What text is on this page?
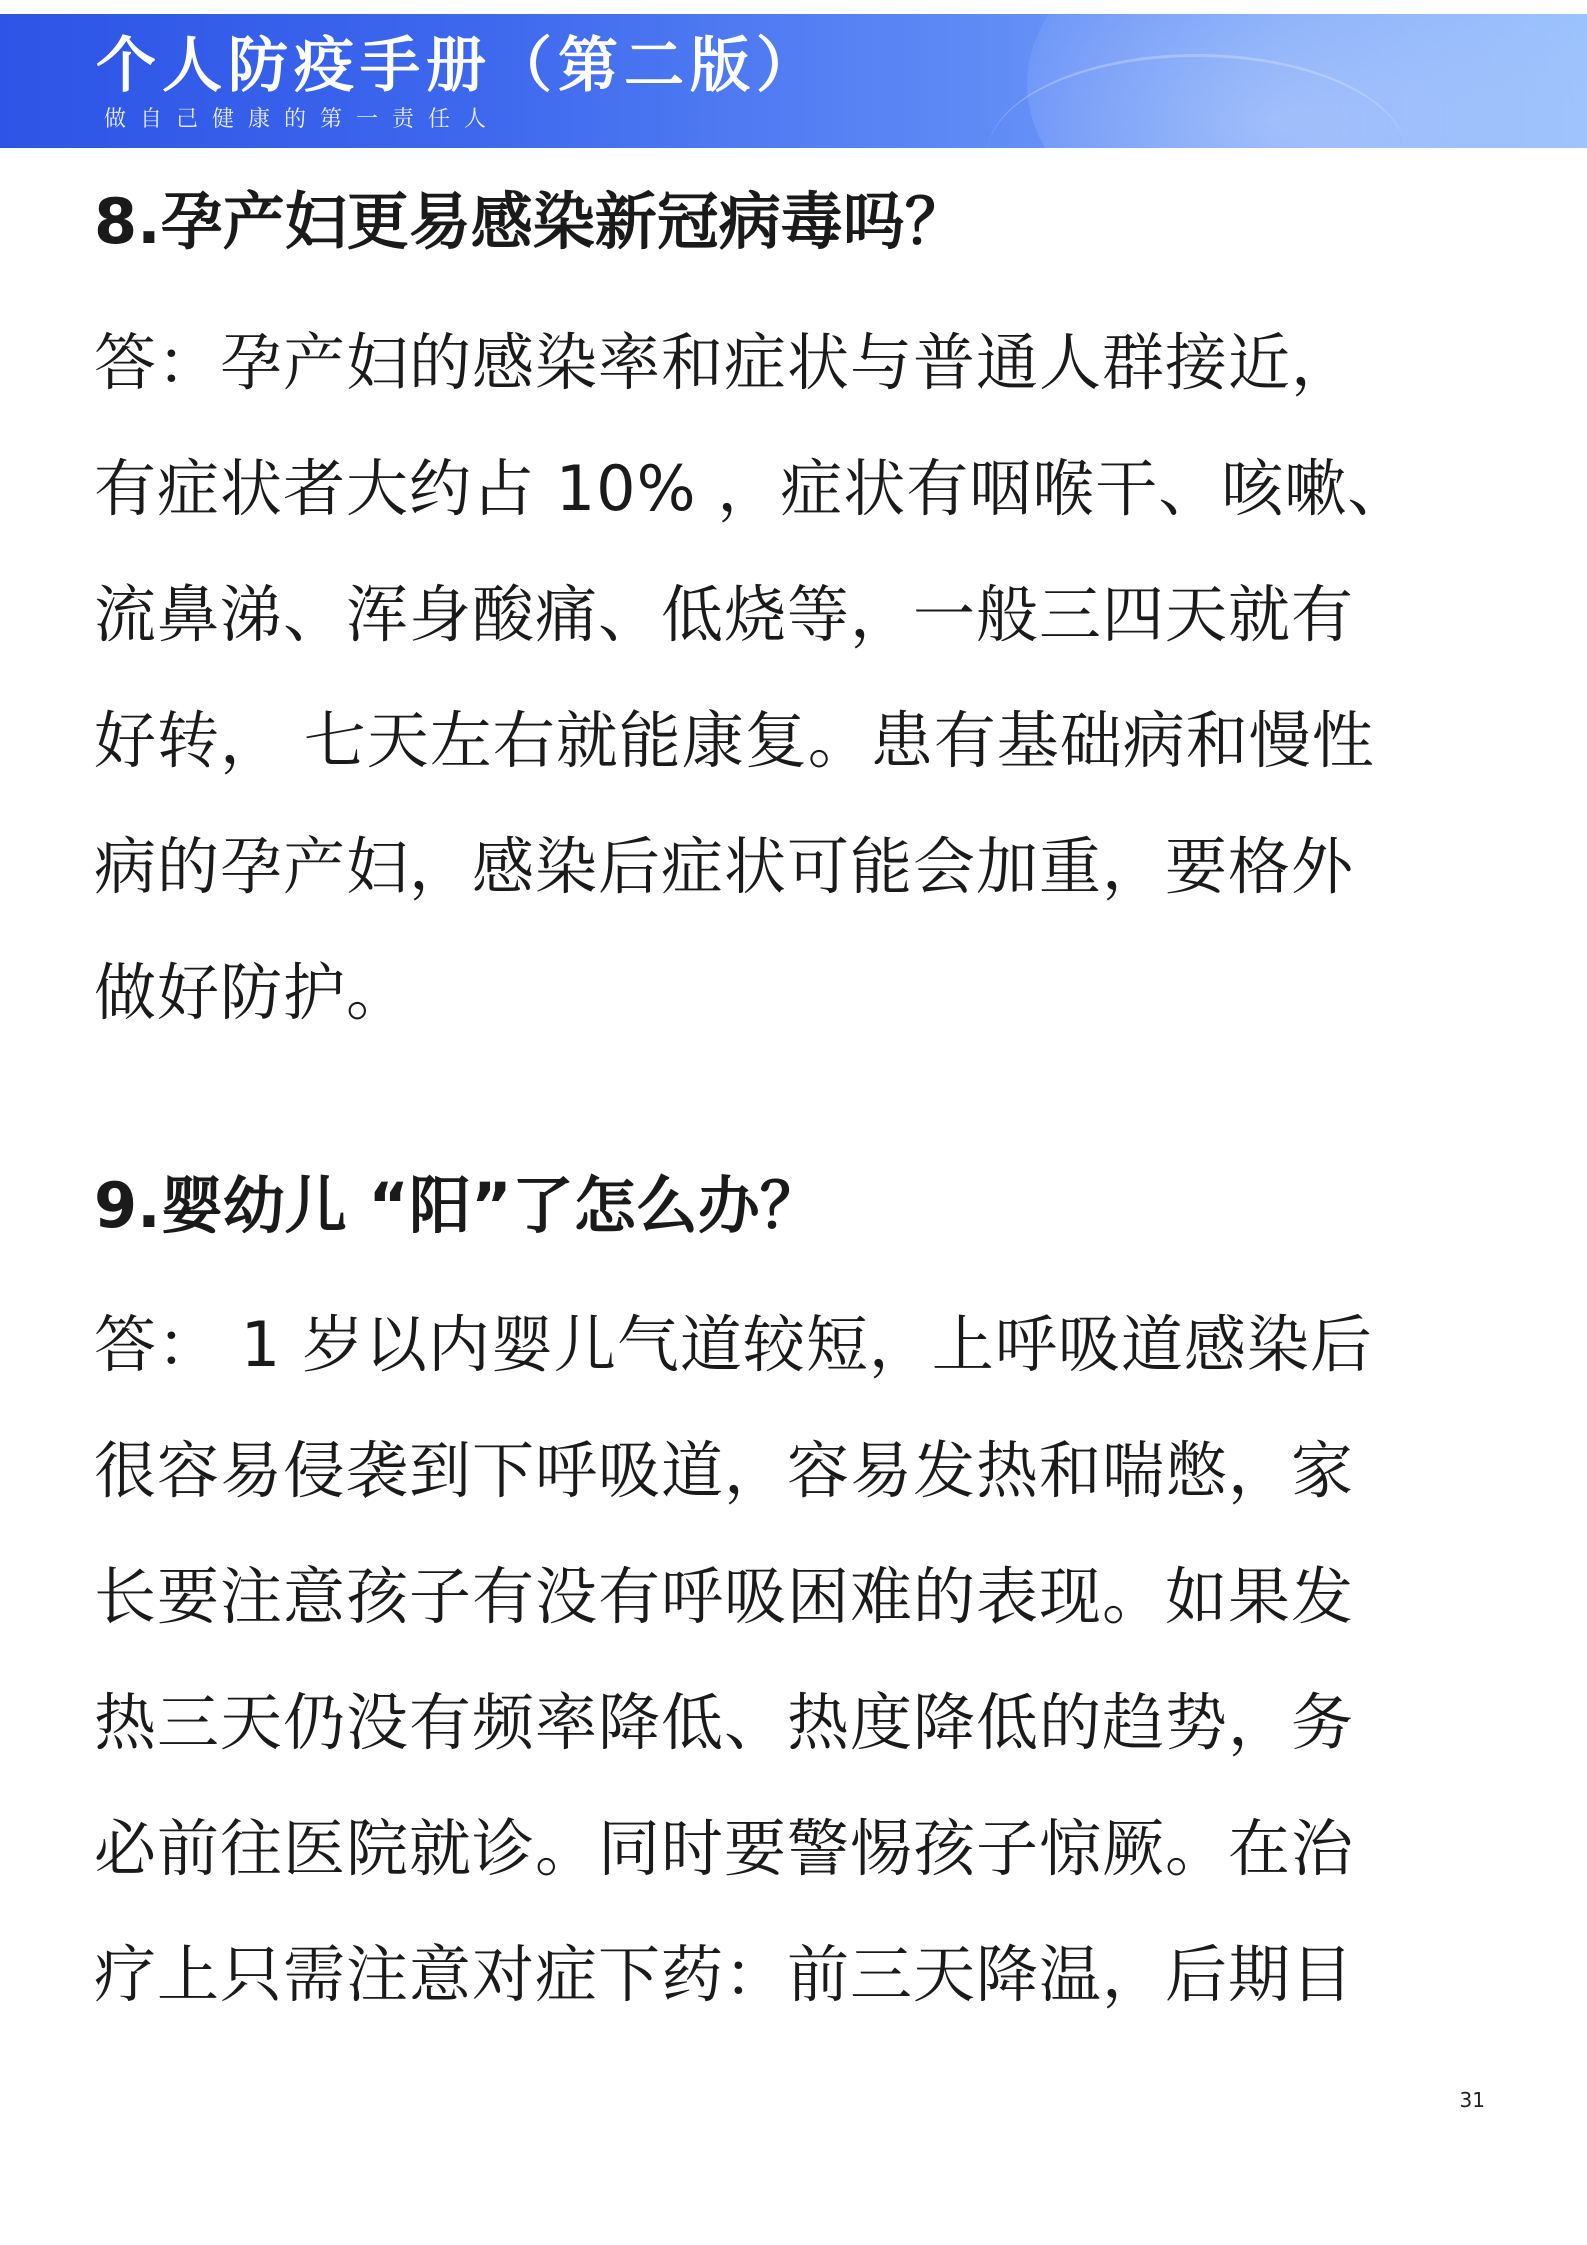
个人防疫手册（第二版）
做自己健康的第一责任人
8.孕产妇更易感染新冠病毒吗？

答：孕产妇的感染率和症状与普通人群接近，
有症状者大约占 10% ，症状有咽喉干、咳嗽、
流鼻涕、浑身酸痛、低烧等，一般三四天就有
好转， 七天左右就能康复。患有基础病和慢性
病的孕产妇，感染后症状可能会加重，要格外
做好防护。

9.婴幼儿 “阳”了怎么办？

答： 1 岁以内婴儿气道较短，上呼吸道感染后
很容易侵袭到下呼吸道，容易发热和喘憋，家
长要注意孩子有没有呼吸困难的表现。如果发
热三天仍没有频率降低、热度降低的趋势，务
必前往医院就诊。同时要警惕孩子惊厥。在治
疗上只需注意对症下药：前三天降温，后期目

31
